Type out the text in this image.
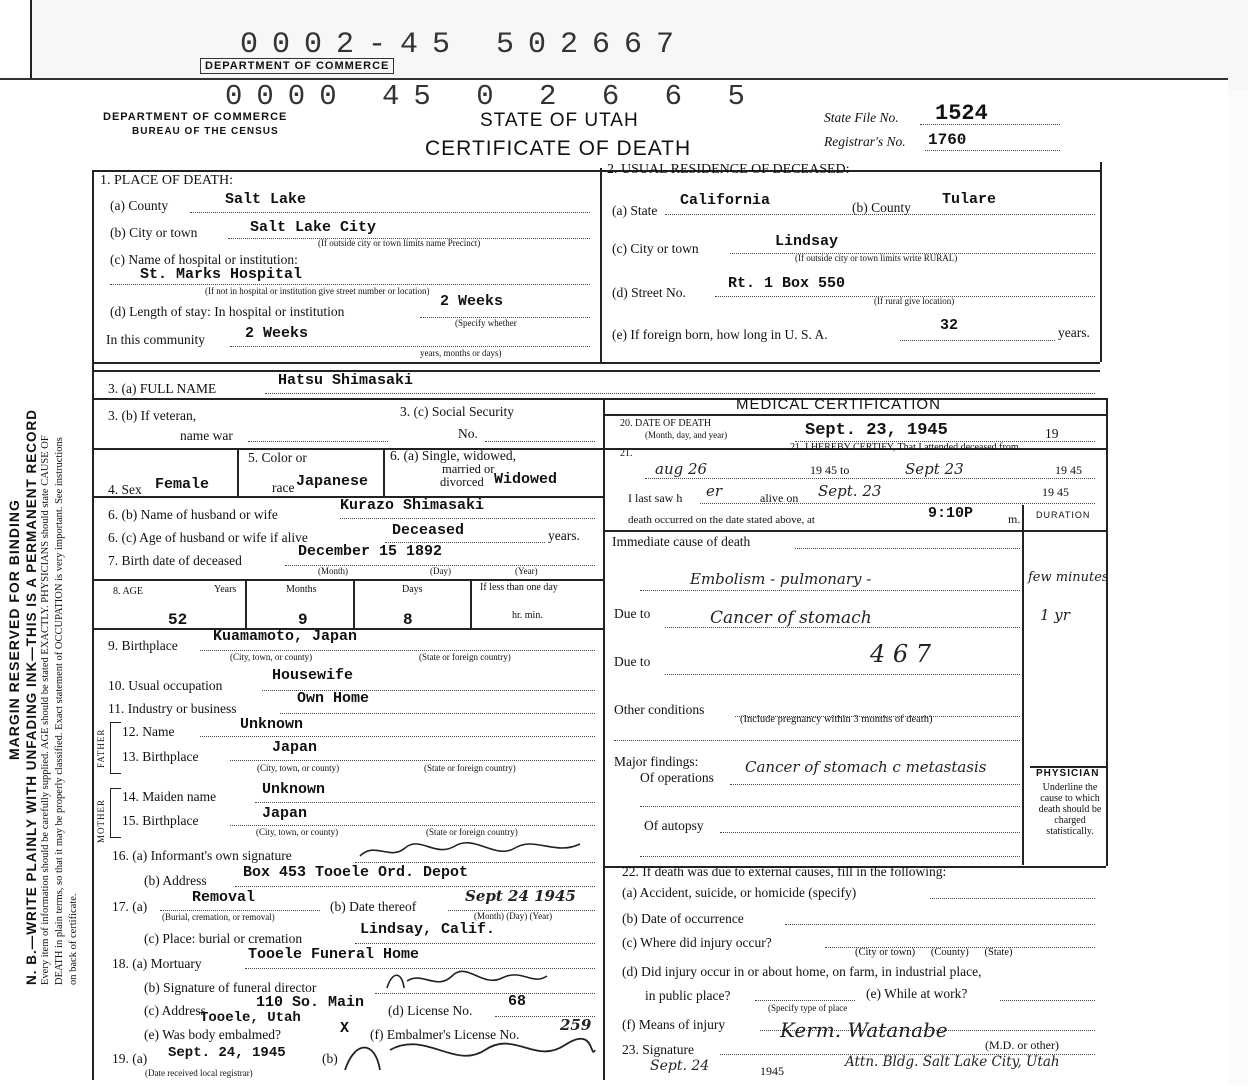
0002-45 502667
DEPARTMENT OF COMMERCE
0000 45 0 2 6 6 5
DEPARTMENT OF COMMERCE
BUREAU OF THE CENSUS
STATE OF UTAH
CERTIFICATE OF DEATH
State File No. 1524
Registrar's No. 1760
N. B.—WRITE PLAINLY WITH UNFADING INK—THIS IS A PERMANENT RECORD
MARGIN RESERVED FOR BINDING Every item of information should be carefully supplied. AGE should be stated EXACTLY. PHYSICIANS should state CAUSE OF DEATH in plain terms, so that it may be properly classified. Exact statement of OCCUPATION is very important. See instructions on back of certificate.
1. PLACE OF DEATH:
(a) County	Salt Lake
(b) City or town	Salt Lake City
(If outside city or town limits name Precinct)
(c) Name of hospital or institution:
St. Marks Hospital
(If not in hospital or institution give street number or location)
(d) Length of stay: In hospital or institution
2 Weeks
(Specify whether
In this community	2 Weeks
years, months or days)
2. USUAL RESIDENCE OF DECEASED:
(a) State
California	(b) County Tulare
(c) City or town	Lindsay
(If outside city or town limits write RURAL)
(d) Street No.
Rt. 1 Box 550
(If rural give location)
(e) If foreign born, how long in U. S. A.
32	years.
3. (a) FULL NAME	Hatsu Shimasaki
3. (b) If veteran,
name war
3. (c) Social Security
No.
MEDICAL CERTIFICATION
20. DATE OF DEATH
(Month, day, and year)	Sept. 23, 1945	19
4. Sex Female
5. Color or
race Japanese
6. (a) Single, widowed,
married or
divorced Widowed
6. (b) Name of husband or wife
Kurazo Shimasaki
6. (c) Age of husband or wife if alive	Deceased	years.
7. Birth date of deceased
December 15 1892
(Month)	(Day)	(Year)
8. AGE	Years	Months	Days	If less than one day
hr. min.
52	9	8
9. Birthplace
Kuamamoto, Japan
(City, town, or county)	(State or foreign country)
10. Usual occupation
Housewife
11. Industry or business
Own Home
FATHER 12. Name	Unknown
13. Birthplace
Japan
(City, town, or county)	(State or foreign country)
MOTHER
14. Maiden name	Unknown
15. Birthplace	Japan
(City, town, or county)	(State or foreign country)
16. (a) Informant's own signature
(b) Address Box 453 Tooele Ord. Depot
17. (a)
Removal
(Burial, cremation, or removal)
(b) Date thereof
Sept 24 1945
(Month) (Day) (Year)
(c) Place: burial or cremation
Lindsay, Calif.
18. (a) Mortuary
Tooele Funeral Home
(b) Signature of funeral director
(c) Address	110 So. Main
Tooele, Utah	(d) License No.
68
(e) Was body embalmed?	X (f) Embalmer's License No.
259
19. (a) Sept. 24, 1945
(Date received local registrar)
(b)
21.
21. I HEREBY CERTIFY, That I attended deceased from
aug 26	19 45 to	Sept 23	19 45
I last saw h er	alive on Sept. 23	19 45
death occurred on the date stated above, at	9:10P	m. DURATION
Immediate cause of death
Embolism - pulmonary -	few minutes
Due to	Cancer of stomach	1 yr
Due to	4 6 7
Other conditions
(Include pregnancy within 3 months of death)
Major findings:
Of operations
Cancer of stomach c metastasis
Of autopsy
PHYSICIAN
Underline the cause to which death should be charged statistically.
22. If death was due to external causes, fill in the following:
(a) Accident, suicide, or homicide (specify)
(b) Date of occurrence
(c) Where did injury occur?
(City or town)      (County)      (State)
(d) Did injury occur in or about home, on farm, in industrial place,
in public place?
(Specify type of place
(e) While at work?
(f) Means of injury
23. Signature
Kerm. Watanabe
(M.D. or other)
Sept. 24	1945
Attn. Bldg. Salt Lake City, Utah
